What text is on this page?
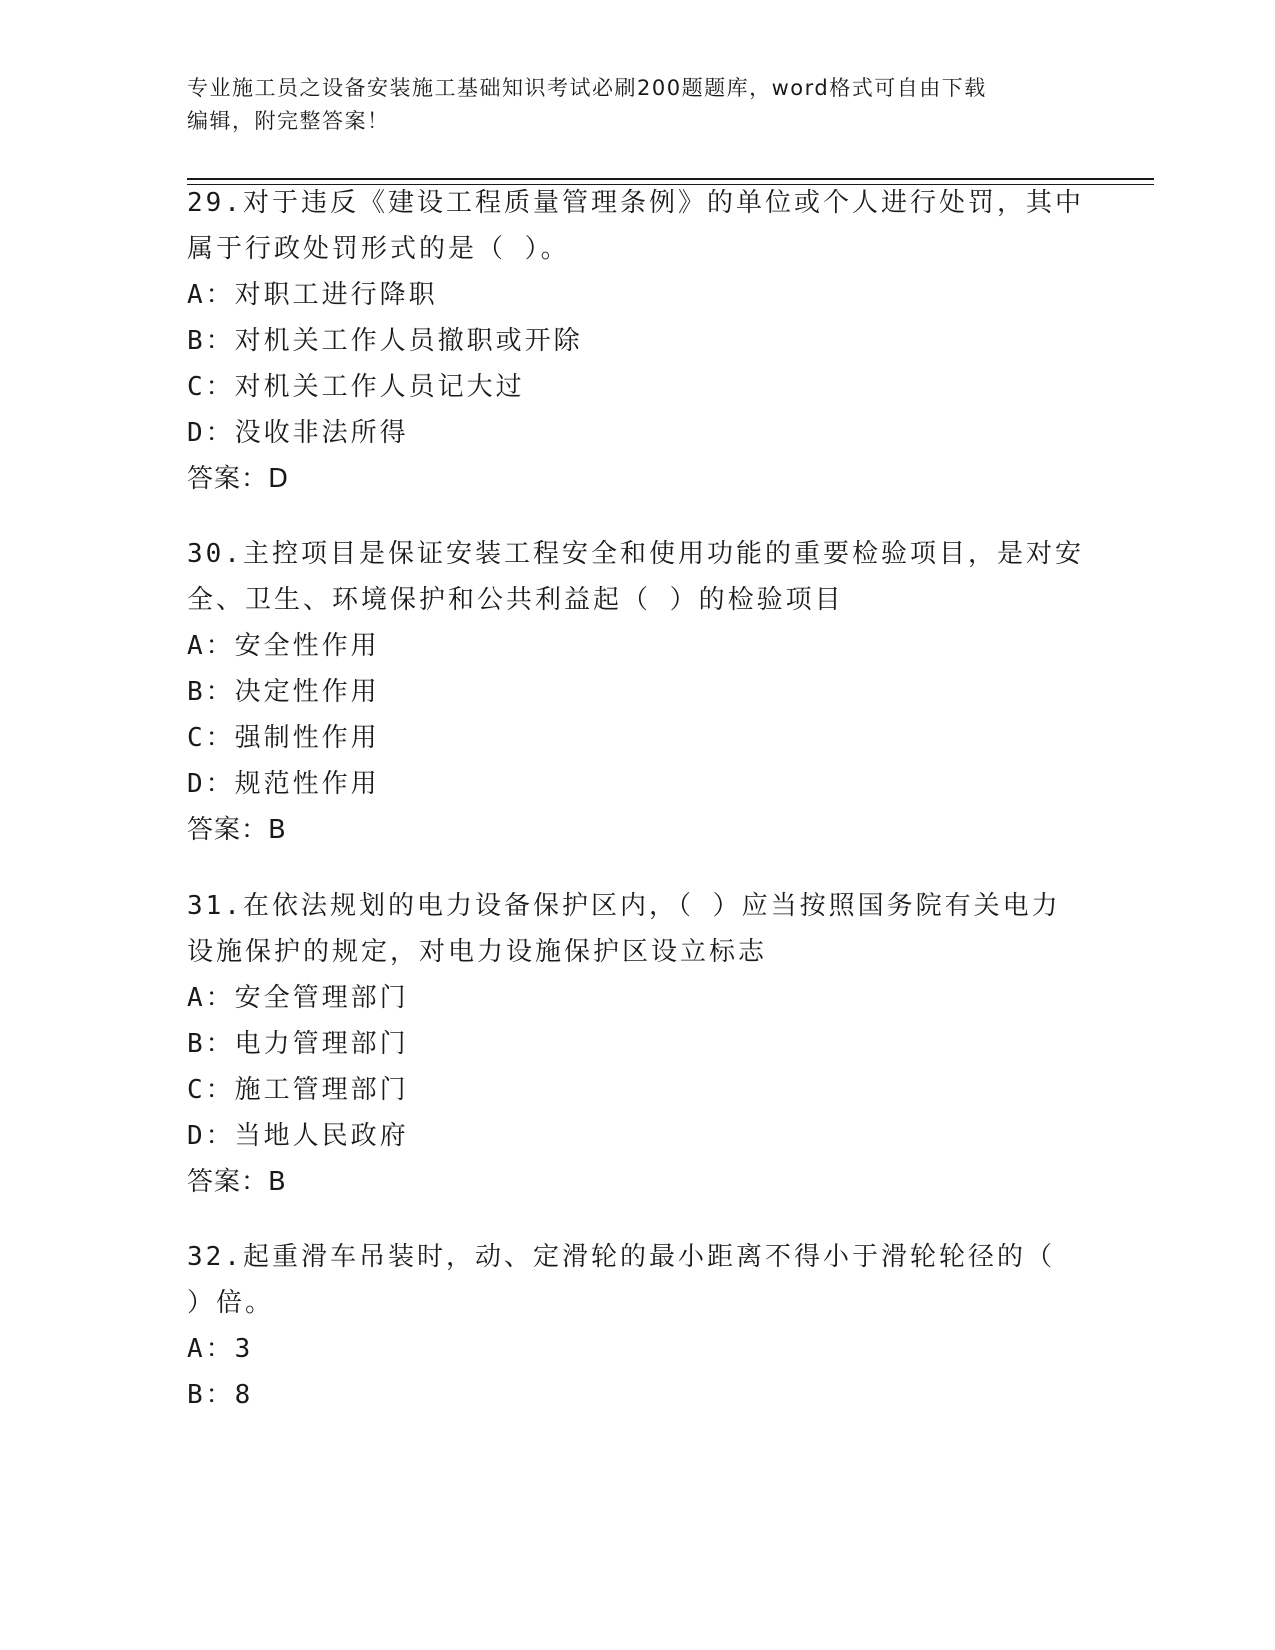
专业施工员之设备安装施工基础知识考试必刷200题题库，word格式可自由下载
编辑，附完整答案！

29.对于违反《建设工程质量管理条例》的单位或个人进行处罚，其中

属于行政处罚形式的是（ ）。

A：对职工进行降职

B：对机关工作人员撤职或开除

C：对机关工作人员记大过

D：没收非法所得

答案：D

30.主控项目是保证安装工程安全和使用功能的重要检验项目，是对安

全、卫生、环境保护和公共利益起（ ）的检验项目

A：安全性作用

B：决定性作用

C：强制性作用

D：规范性作用

答案：B

31.在依法规划的电力设备保护区内，（ ）应当按照国务院有关电力

设施保护的规定，对电力设施保护区设立标志

A：安全管理部门

B：电力管理部门

C：施工管理部门

D：当地人民政府

答案：B

32.起重滑车吊装时，动、定滑轮的最小距离不得小于滑轮轮径的（

）倍。

A：3

B：8
